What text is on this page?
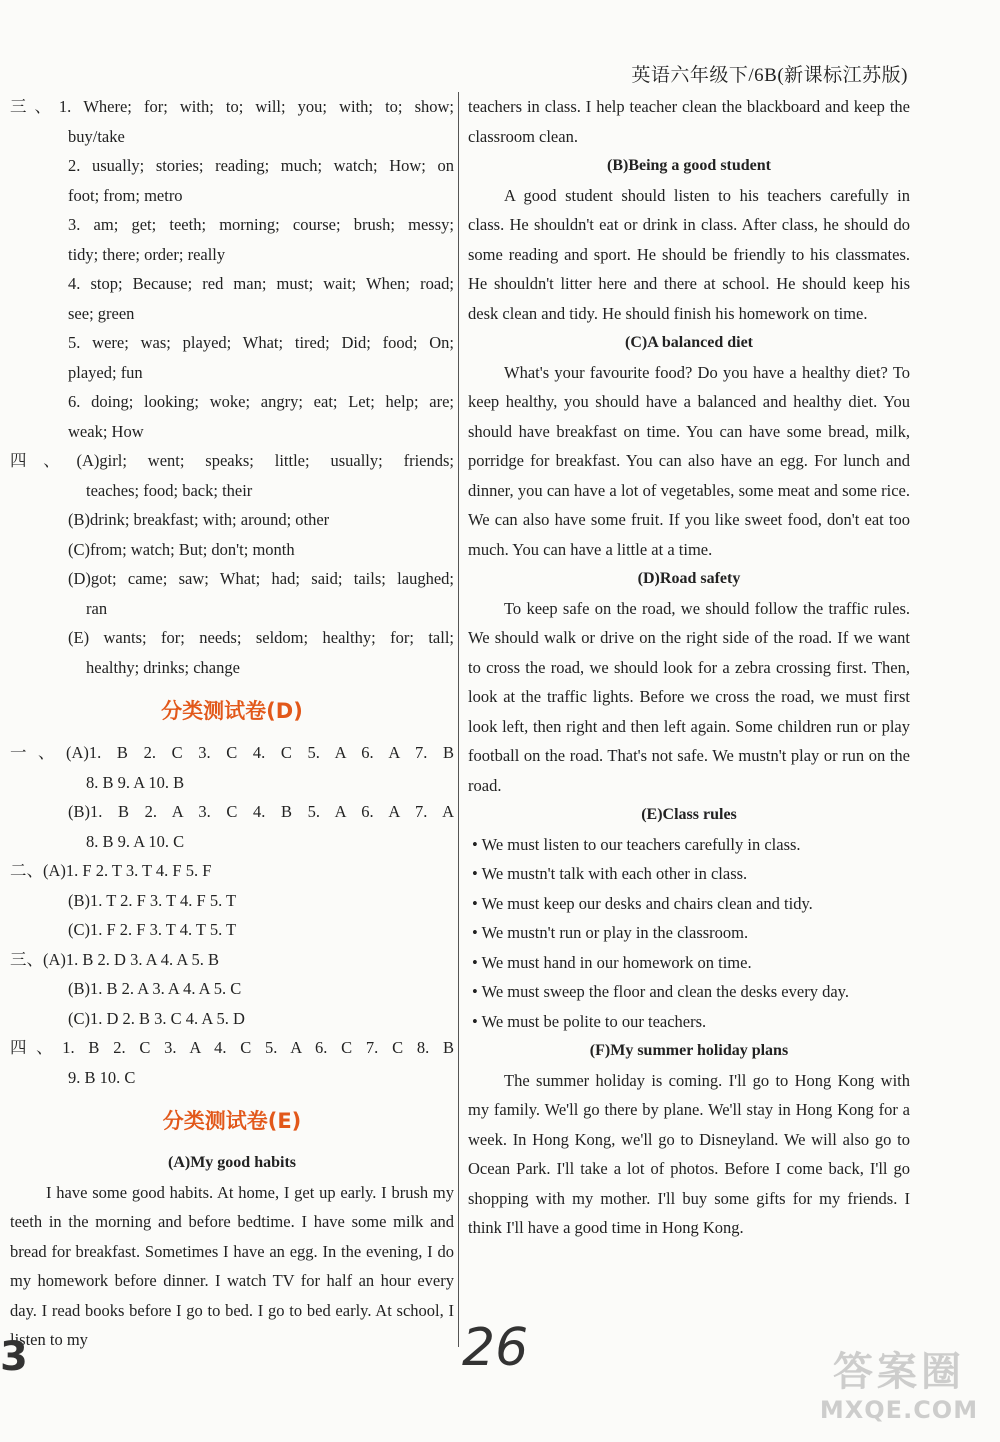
英语六年级下/6B(新课标江苏版)
三、1. Where; for; with; to; will; you; with; to; show;
buy/take
2. usually; stories; reading; much; watch; How; on
foot; from; metro
3. am; get; teeth; morning; course; brush; messy;
tidy; there; order; really
4. stop; Because; red man; must; wait; When; road;
see; green
5. were; was; played; What; tired; Did; food; On;
played; fun
6. doing; looking; woke; angry; eat; Let; help; are;
weak; How
四、(A)girl; went; speaks; little; usually; friends;
teaches; food; back; their
(B)drink; breakfast; with; around; other
(C)from; watch; But; don't; month
(D)got; came; saw; What; had; said; tails; laughed;
ran
(E) wants; for; needs; seldom; healthy; for; tall;
healthy; drinks; change
分类测试卷(D)
一、(A)1. B 2. C 3. C 4. C 5. A 6. A 7. B
8. B 9. A 10. B
(B)1. B 2. A 3. C 4. B 5. A 6. A 7. A
8. B 9. A 10. C
二、(A)1. F 2. T 3. T 4. F 5. F
(B)1. T 2. F 3. T 4. F 5. T
(C)1. F 2. F 3. T 4. T 5. T
三、(A)1. B 2. D 3. A 4. A 5. B
(B)1. B 2. A 3. A 4. A 5. C
(C)1. D 2. B 3. C 4. A 5. D
四、1. B 2. C 3. A 4. C 5. A 6. C 7. C 8. B
9. B 10. C
分类测试卷(E)
(A)My good habits
I have some good habits. At home, I get up early. I brush my teeth in the morning and before bedtime. I have some milk and bread for breakfast. Sometimes I have an egg. In the evening, I do my homework before dinner. I watch TV for half an hour every day. I read books before I go to bed. I go to bed early. At school, I listen to my
teachers in class. I help teacher clean the blackboard and keep the classroom clean.
(B)Being a good student
A good student should listen to his teachers carefully in class. He shouldn't eat or drink in class. After class, he should do some reading and sport. He should be friendly to his classmates. He shouldn't litter here and there at school. He should keep his desk clean and tidy. He should finish his homework on time.
(C)A balanced diet
What's your favourite food? Do you have a healthy diet? To keep healthy, you should have a balanced and healthy diet. You should have breakfast on time. You can have some bread, milk, porridge for breakfast. You can also have an egg. For lunch and dinner, you can have a lot of vegetables, some meat and some rice. We can also have some fruit. If you like sweet food, don't eat too much. You can have a little at a time.
(D)Road safety
To keep safe on the road, we should follow the traffic rules. We should walk or drive on the right side of the road. If we want to cross the road, we should look for a zebra crossing first. Then, look at the traffic lights. Before we cross the road, we must first look left, then right and then left again. Some children run or play football on the road. That's not safe. We mustn't play or run on the road.
(E)Class rules
• We must listen to our teachers carefully in class.
• We mustn't talk with each other in class.
• We must keep our desks and chairs clean and tidy.
• We mustn't run or play in the classroom.
• We must hand in our homework on time.
• We must sweep the floor and clean the desks every day.
• We must be polite to our teachers.
(F)My summer holiday plans
The summer holiday is coming. I'll go to Hong Kong with my family. We'll go there by plane. We'll stay in Hong Kong for a week. In Hong Kong, we'll go to Disneyland. We will also go to Ocean Park. I'll take a lot of photos. Before I come back, I'll go shopping with my mother. I'll buy some gifts for my friends. I think I'll have a good time in Hong Kong.
3	26	答案圈
MXQE.COM
